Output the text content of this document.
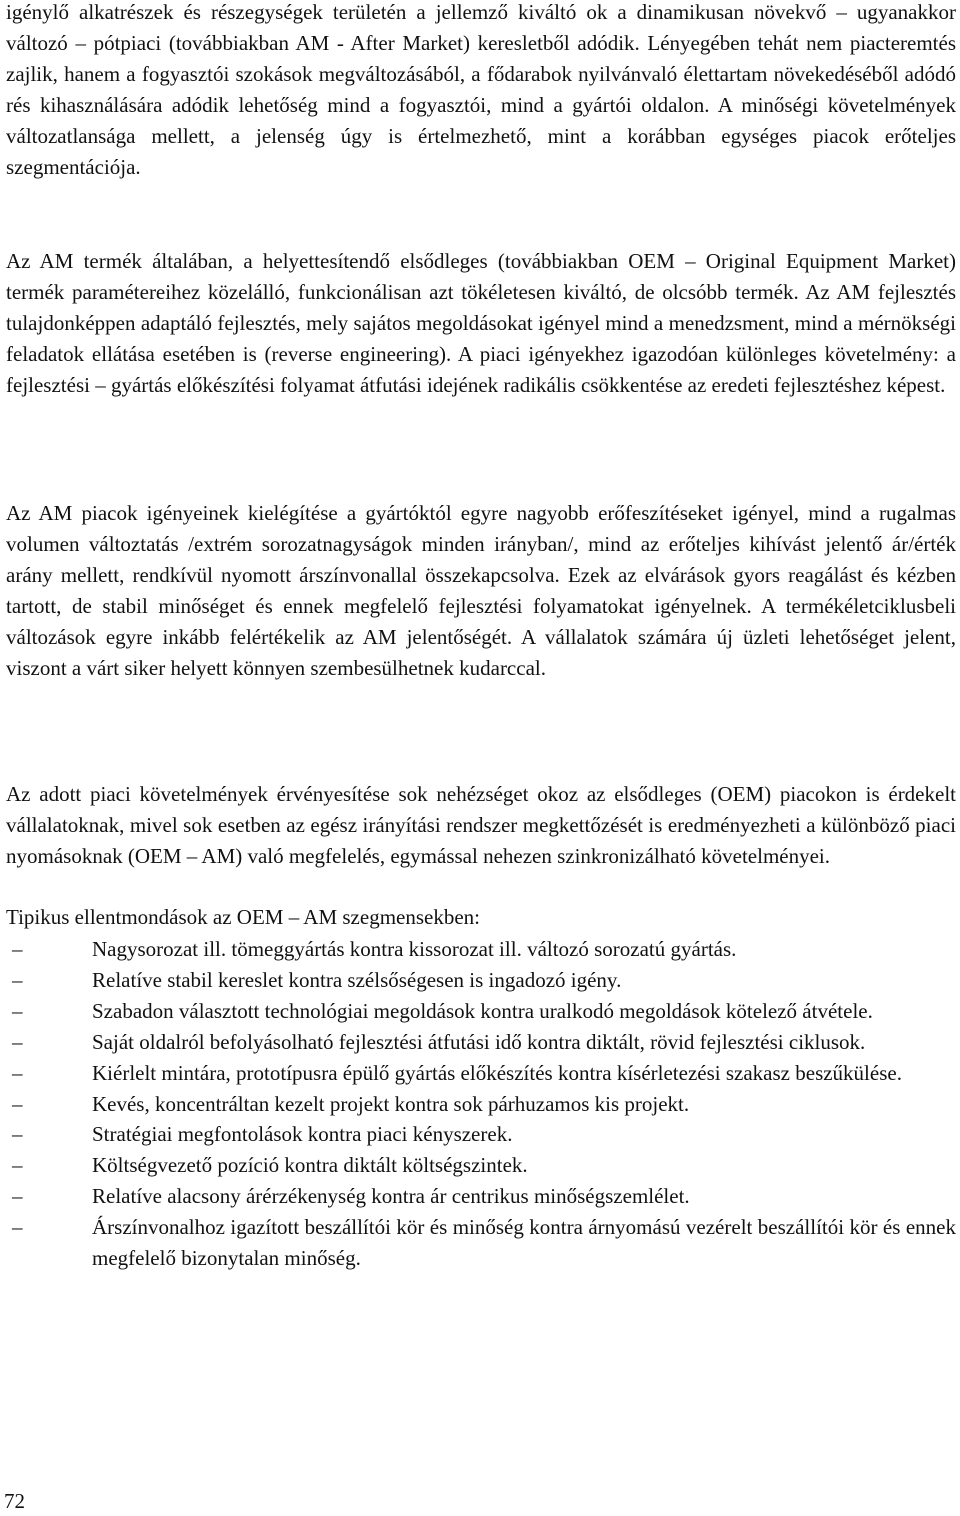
igénylő alkatrészek és részegységek területén a jellemző kiváltó ok a dinamikusan növekvő – ugyanakkor változó – pótpiaci (továbbiakban AM - After Market) keresletből adódik. Lényegében tehát nem piacteremtés zajlik, hanem a fogyasztói szokások megváltozásából, a fődarabok nyilvánvaló élettartam növekedéséből adódó rés kihasználására adódik lehetőség mind a fogyasztói, mind a gyártói oldalon. A minőségi követelmények változatlansága mellett, a jelenség úgy is értelmezhető, mint a korábban egységes piacok erőteljes szegmentációja.

Az AM termék általában, a helyettesítendő elsődleges (továbbiakban OEM – Original Equipment Market) termék paramétereihez közelálló, funkcionálisan azt tökéletesen kiváltó, de olcsóbb termék. Az AM fejlesztés tulajdonképpen adaptáló fejlesztés, mely sajátos megoldásokat igényel mind a menedzsment, mind a mérnökségi feladatok ellátása esetében is (reverse engineering). A piaci igényekhez igazodóan különleges követelmény: a fejlesztési – gyártás előkészítési folyamat átfutási idejének radikális csökkentése az eredeti fejlesztéshez képest.

Az AM piacok igényeinek kielégítése a gyártóktól egyre nagyobb erőfeszítéseket igényel, mind a rugalmas volumen változtatás /extrém sorozatnagyságok minden irányban/, mind az erőteljes kihívást jelentő ár/érték arány mellett, rendkívül nyomott árszínvonallal összekapcsolva. Ezek az elvárások gyors reagálást és kézben tartott, de stabil minőséget és ennek megfelelő fejlesztési folyamatokat igényelnek. A termékéletciklusbeli változások egyre inkább felértékelik az AM jelentőségét. A vállalatok számára új üzleti lehetőséget jelent, viszont a várt siker helyett könnyen szembesülhetnek kudarccal.

Az adott piaci követelmények érvényesítése sok nehézséget okoz az elsődleges (OEM) piacokon is érdekelt vállalatoknak, mivel sok esetben az egész irányítási rendszer megkettőzését is eredményezheti a különböző piaci nyomásoknak (OEM – AM) való megfelelés, egymással nehezen szinkronizálható követelményei.

Tipikus ellentmondások az OEM – AM szegmensekben:

–	Nagysorozat ill. tömeggyártás kontra kissorozat ill. változó sorozatú gyártás.
–	Relatíve stabil kereslet kontra szélsőségesen is ingadozó igény.
–	Szabadon választott technológiai megoldások kontra uralkodó megoldások kötelező átvétele.
–	Saját oldalról befolyásolható fejlesztési átfutási idő kontra diktált, rövid fejlesztési ciklusok.
–	Kiérlelt mintára, prototípusra épülő gyártás előkészítés kontra kísérletezési szakasz beszűkülése.
–	Kevés, koncentráltan kezelt projekt kontra sok párhuzamos kis projekt.
–	Stratégiai megfontolások kontra piaci kényszerek.
–	Költségvezető pozíció kontra diktált költségszintek.
–	Relatíve alacsony árérzékenység kontra ár centrikus minőségszemlélet.
–	Árszínvonalhoz igazított beszállítói kör és minőség kontra árnyomású vezérelt beszállítói kör és ennek megfelelő bizonytalan minőség.
72
